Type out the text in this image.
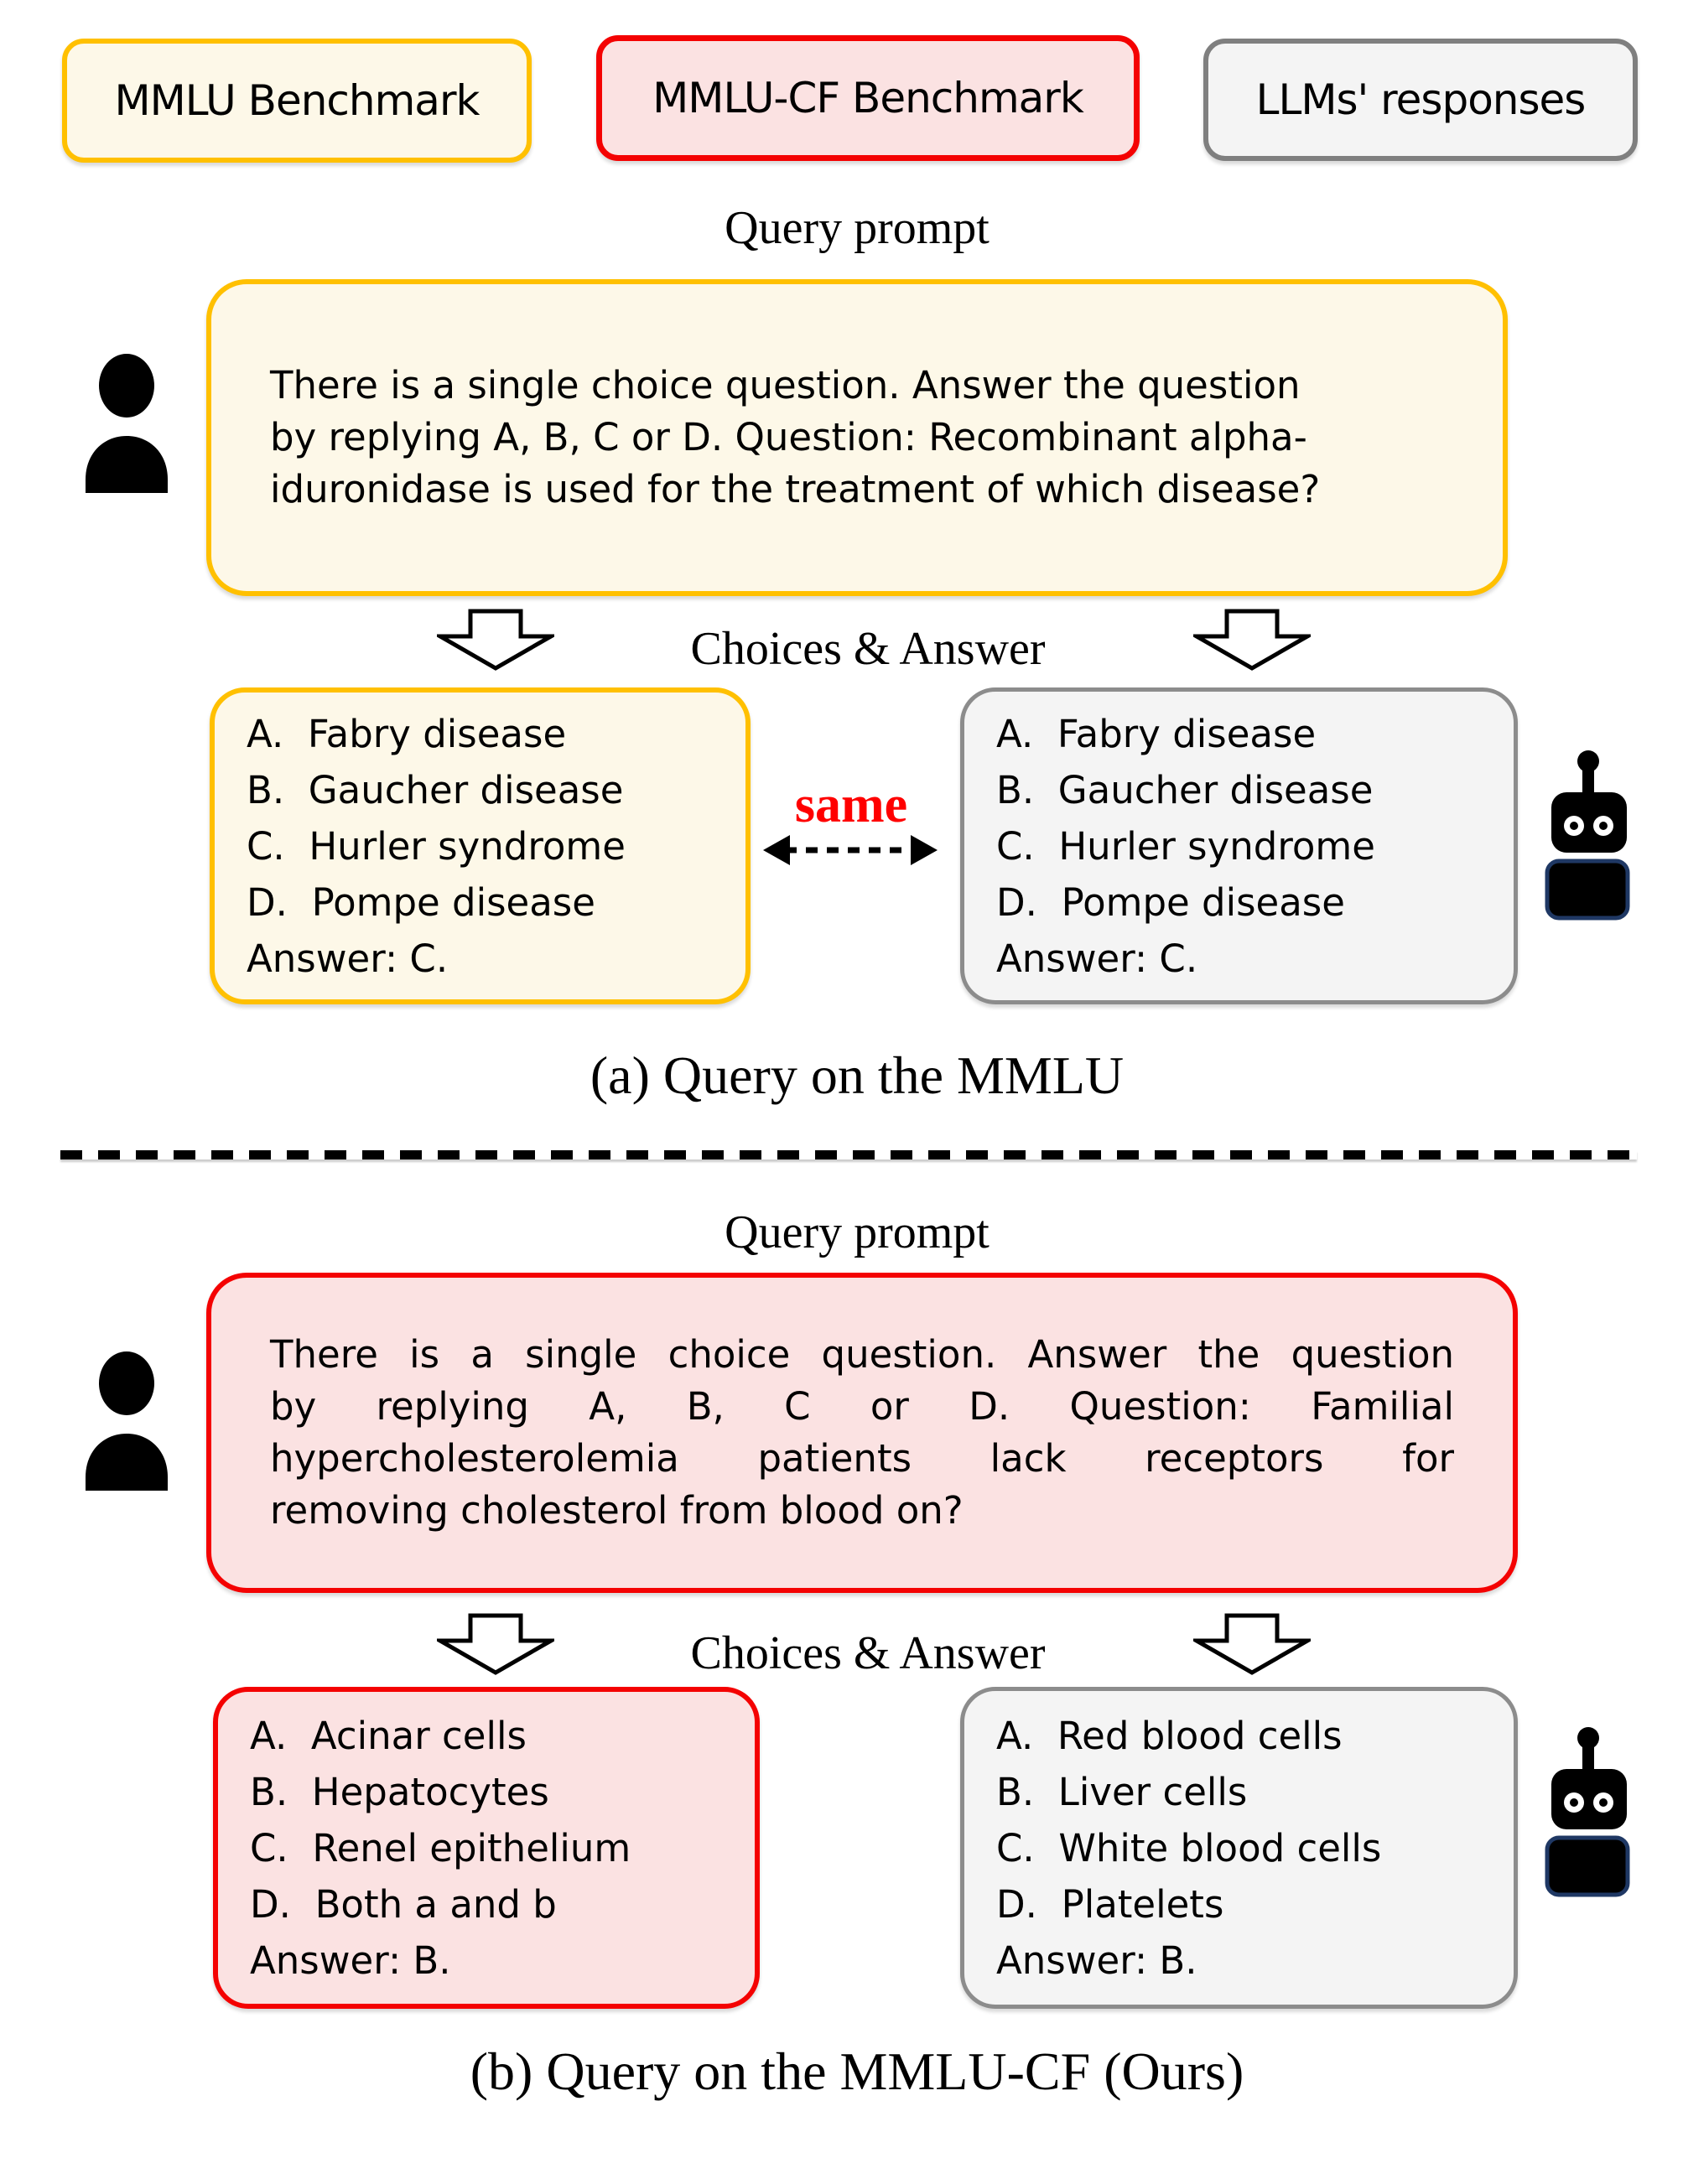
MMLU Benchmark	MMLU-CF Benchmark	LLMs' responses
Query prompt
There is a single choice question. Answer the question
by replying A, B, C or D. Question: Recombinant alpha-
iduronidase is used for the treatment of which disease?
Choices & Answer
A.  Fabry disease
B.  Gaucher disease
C.  Hurler syndrome
D.  Pompe disease
Answer: C.
same
A.  Fabry disease
B.  Gaucher disease
C.  Hurler syndrome
D.  Pompe disease
Answer: C.
(a) Query on the MMLU
Query prompt
There is a single choice question. Answer the question
by replying A, B, C or D. Question: Familial
hypercholesterolemia patients lack receptors for
removing cholesterol from blood on?
Choices & Answer
A.  Acinar cells
B.  Hepatocytes
C.  Renel epithelium
D.  Both a and b
Answer: B.
A.  Red blood cells
B.  Liver cells
C.  White blood cells
D.  Platelets
Answer: B.
(b) Query on the MMLU-CF (Ours)
